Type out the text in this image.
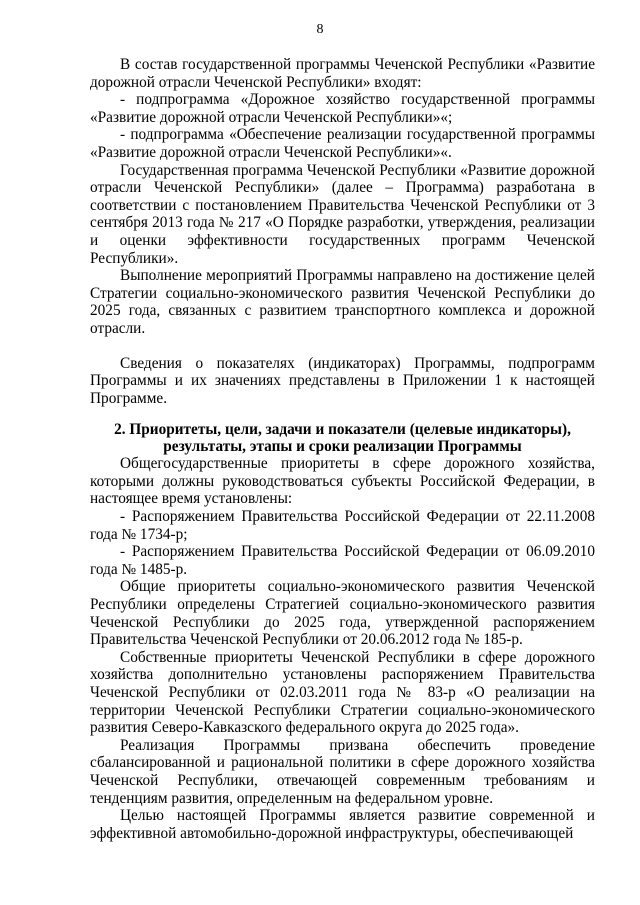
8

В состав государственной программы Чеченской Республики «Развитие дорожной отрасли Чеченской Республики» входят:

- подпрограмма «Дорожное хозяйство государственной программы «Развитие дорожной отрасли Чеченской Республики»«;

- подпрограмма «Обеспечение реализации государственной программы «Развитие дорожной отрасли Чеченской Республики»«.

Государственная программа Чеченской Республики «Развитие дорожной отрасли Чеченской Республики» (далее – Программа) разработана в соответствии с постановлением Правительства Чеченской Республики от 3 сентября 2013 года № 217 «О Порядке разработки, утверждения, реализации и оценки эффективности государственных программ Чеченской Республики».

Выполнение мероприятий Программы направлено на достижение целей Стратегии социально-экономического развития Чеченской Республики до 2025 года, связанных с развитием транспортного комплекса и дорожной отрасли.

Сведения о показателях (индикаторах) Программы, подпрограмм Программы и их значениях представлены в Приложении 1 к настоящей Программе.

2. Приоритеты, цели, задачи и показатели (целевые индикаторы), результаты, этапы и сроки реализации Программы

Общегосударственные приоритеты в сфере дорожного хозяйства, которыми должны руководствоваться субъекты Российской Федерации, в настоящее время установлены:

- Распоряжением Правительства Российской Федерации от 22.11.2008 года № 1734-р;

- Распоряжением Правительства Российской Федерации от 06.09.2010 года № 1485-р.

Общие приоритеты социально-экономического развития Чеченской Республики определены Стратегией социально-экономического развития Чеченской Республики до 2025 года, утвержденной распоряжением Правительства Чеченской Республики от 20.06.2012 года № 185-р.

Собственные приоритеты Чеченской Республики в сфере дорожного хозяйства дополнительно установлены распоряжением Правительства Чеченской Республики от 02.03.2011 года № 83-р «О реализации на территории Чеченской Республики Стратегии социально-экономического развития Северо-Кавказского федерального округа до 2025 года».

Реализация Программы призвана обеспечить проведение сбалансированной и рациональной политики в сфере дорожного хозяйства Чеченской Республики, отвечающей современным требованиям и тенденциям развития, определенным на федеральном уровне.

Целью настоящей Программы является развитие современной и эффективной автомобильно-дорожной инфраструктуры, обеспечивающей
